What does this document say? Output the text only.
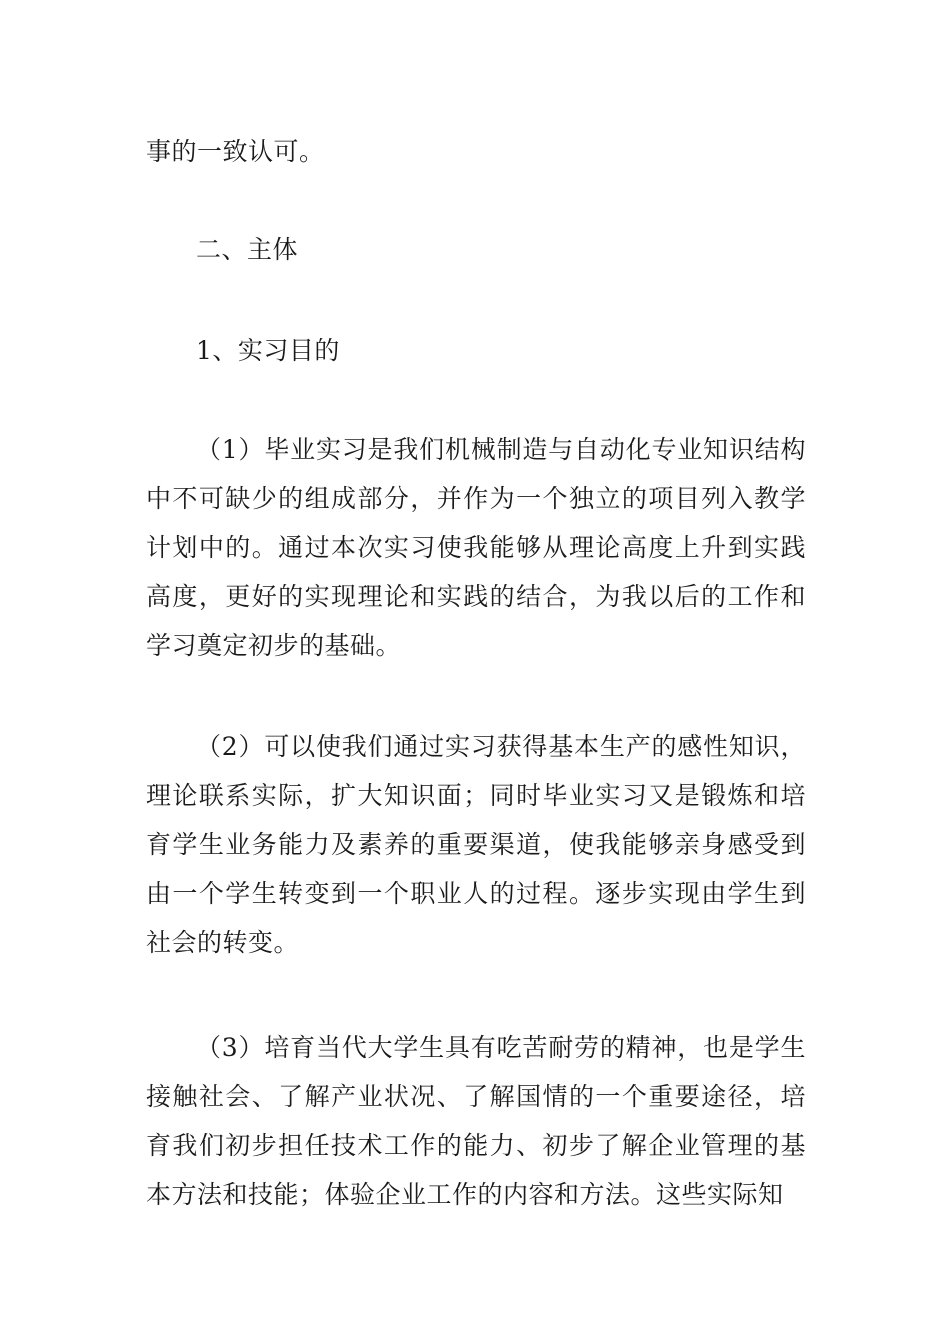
事的一致认可。

二、主体

1、实习目的

（1）毕业实习是我们机械制造与自动化专业知识结构中不可缺少的组成部分，并作为一个独立的项目列入教学计划中的。通过本次实习使我能够从理论高度上升到实践高度，更好的实现理论和实践的结合，为我以后的工作和学习奠定初步的基础。

（2）可以使我们通过实习获得基本生产的感性知识，理论联系实际，扩大知识面；同时毕业实习又是锻炼和培育学生业务能力及素养的重要渠道，使我能够亲身感受到由一个学生转变到一个职业人的过程。逐步实现由学生到社会的转变。

（3）培育当代大学生具有吃苦耐劳的精神，也是学生接触社会、了解产业状况、了解国情的一个重要途径，培育我们初步担任技术工作的能力、初步了解企业管理的基本方法和技能；体验企业工作的内容和方法。这些实际知
